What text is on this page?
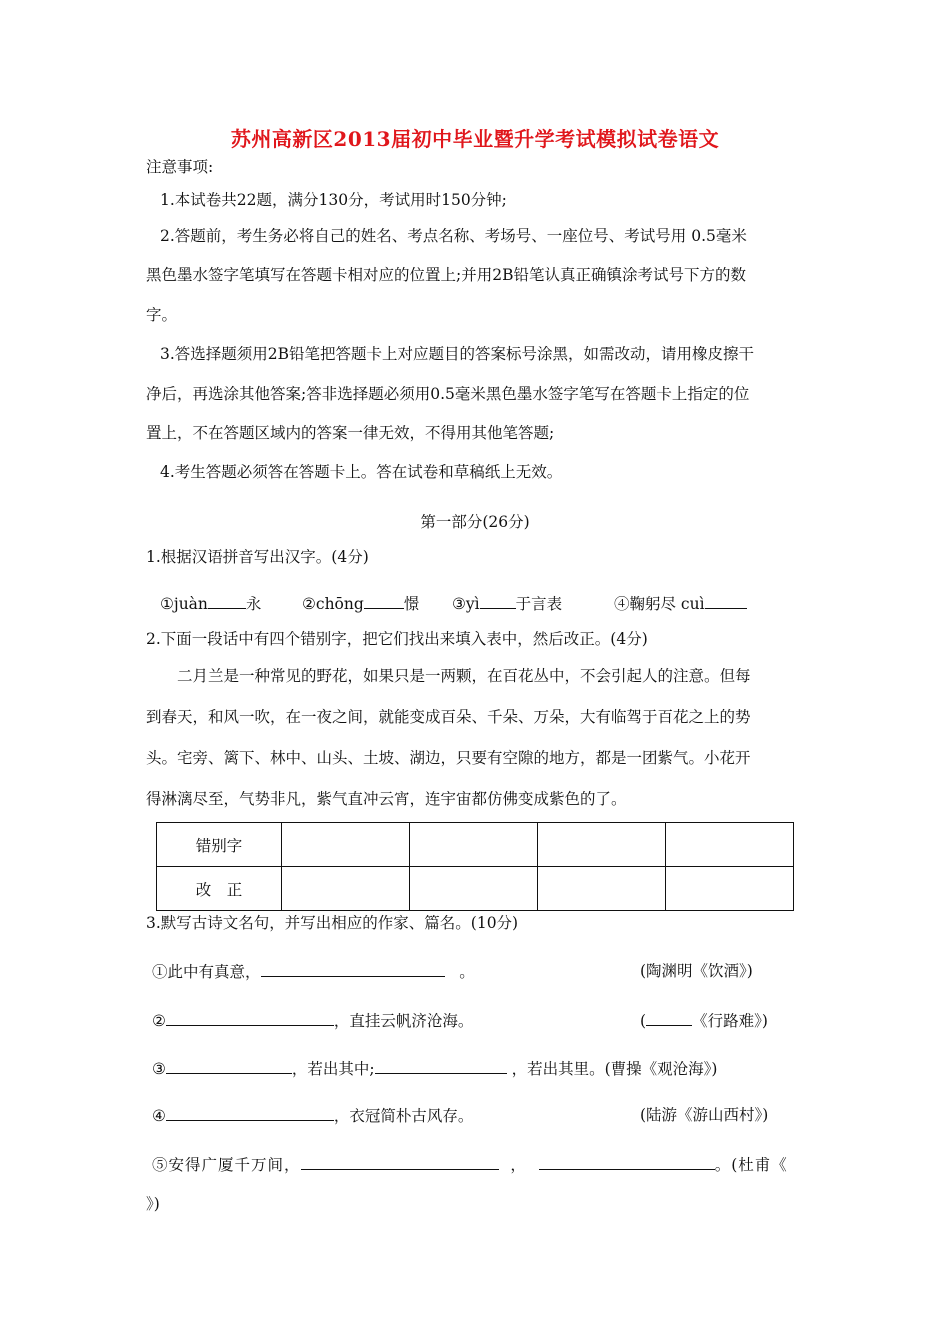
苏州高新区2013届初中毕业暨升学考试模拟试卷语文
注意事项:
1.本试卷共22题，满分130分，考试用时150分钟;
2.答题前，考生务必将自己的姓名、考点名称、考场号、一座位号、考试号用 0.5毫米
黑色墨水签字笔填写在答题卡相对应的位置上;并用2B铅笔认真正确镇涂考试号下方的数
字。
3.答选择题须用2B铅笔把答题卡上对应题目的答案标号涂黑，如需改动，请用橡皮擦干
净后，再选涂其他答案;答非选择题必须用0.5毫米黑色墨水签字笔写在答题卡上指定的位
置上，不在答题区域内的答案一律无效，不得用其他笔答题;
4.考生答题必须答在答题卡上。答在试卷和草稿纸上无效。
第一部分(26分)
1.根据汉语拼音写出汉字。(4分)
①juàn 永	②chōng	憬 ③yì 于言表	④鞠躬尽 cuì
2.下面一段话中有四个错别字，把它们找出来填入表中，然后改正。(4分)
二月兰是一种常见的野花，如果只是一两颗，在百花丛中，不会引起人的注意。但每
到春天，和风一吹，在一夜之间，就能变成百朵、千朵、万朵，大有临驾于百花之上的势
头。宅旁、篱下、林中、山头、土坡、湖边，只要有空隙的地方，都是一团紫气。小花开
得淋漓尽至，气势非凡，紫气直冲云宵，连宇宙都仿佛变成紫色的了。
错别字				
改　正				
3.默写古诗文名句，并写出相应的作家、篇名。(10分)
①此中有真意，	。	(陶渊明《饮酒》)
②	，直挂云帆济沧海。	(	《行路难》)
③	，若出其中;	，若出其里。(曹操《观沧海》)
④	，衣冠简朴古风存。	(陆游《游山西村》)
⑤安得广厦千万间，	，	。(杜甫《
》)
